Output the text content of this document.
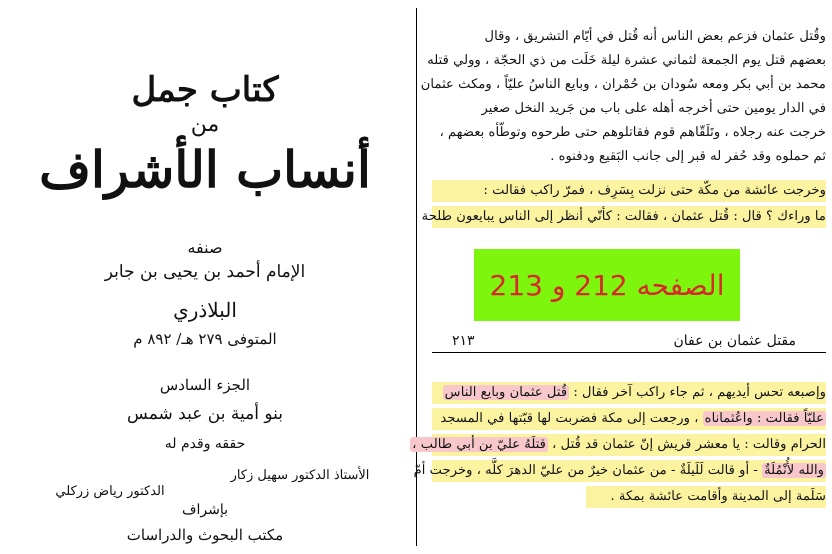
كتاب جمل
من
أنساب الأشراف
صنفه
الإمام أحمد بن يحيى بن جابر
البلاذري
المتوفى ٢٧٩ هـ/ ٨٩٢ م
الجزء السادس
بنو أمية بن عبد شمس
حققه وقدم له
الأستاذ الدكتور سهيل زكار
الدكتور رياض زركلي
بإشراف
مكتب البحوث والدراسات
وقُتل عثمان فزعم بعض الناس أنه قُتل في أيّام التشريق ، وقال
بعضهم قتل يوم الجمعة لثماني عشرة ليلة خَلَت من ذي الحجّة ، وولي قتله
محمد بن أبي بكر ومعه سُودان بن حُمْران ، وبايع الناسُ عليّاً ، ومكث عثمان
في الدار يومين حتى أخرجه أهله على باب من جَريد النخل صغير
خرجت عنه رجلاه ، وتَلَقّاهم قوم فقاتلوهم حتى طرحوه وتوطّأه بعضهم ،
ثم حملوه وقد حُفر له قبر إلى جانب البَقيع ودفنوه .
وخرجت عائشة من مكّة حتى نزلت بِسَرِف ، فمرّ راكب فقالت :
ما وراءك ؟ قال : قُتل عثمان ، فقالت : كأنّي أنظر إلى الناس يبايعون طلحة
الصفحه 212 و 213
مقتل عثمان بن عفان
٢١٣
وإصبعه تحس أيديهم ، ثم جاء راكب آخر فقال : قُتل عثمان وبايع الناس
عليّاً فقالت : واعُثماناه ، ورجعت إلى مكة فضربت لها قبّتها في المسجد
الحرام وقالت : يا معشر قريش إنّ عثمان قد قُتل ، قتلَهُ عليّ بن أبي طالب ،
والله لأُنْمُلَةٌ - أو قالت لَلَيلَةٌ - من عثمان خيرٌ من عليّ الدهرَ كلَّه ، وخرجت أمّ
سَلَمة إلى المدينة وأقامت عائشة بمكة .
